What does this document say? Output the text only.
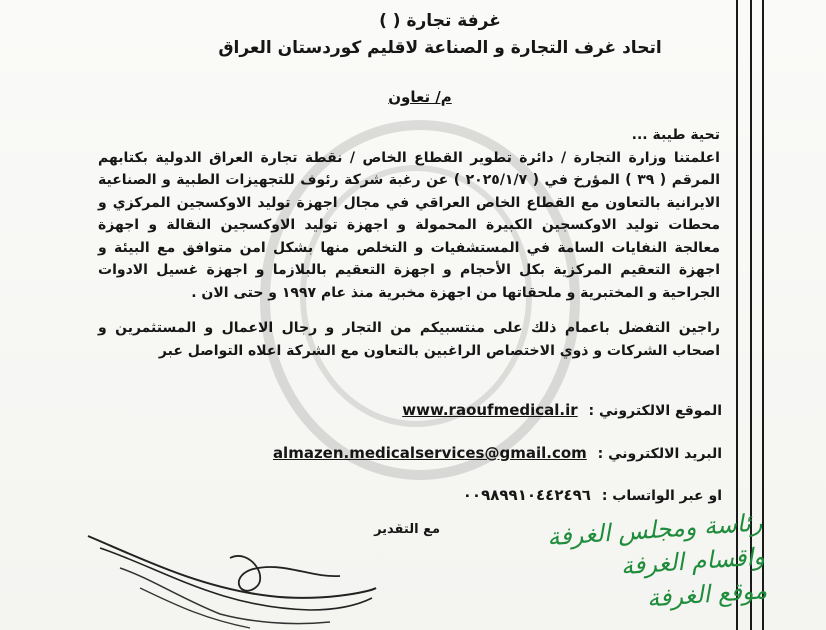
غرفة تجارة ( )
اتحاد غرف التجارة و الصناعة لاقليم كوردستان العراق
م/ تعاون

تحية طيبة ...

اعلمتنا وزارة التجارة / دائرة تطوير القطاع الخاص / نقطة تجارة العراق الدولية بكتابهم المرقم ( ٣٩ ) المؤرخ في ( ٢٠٢٥/١/٧ ) عن رغبة شركة رئوف للتجهيزات الطبية و الصناعية الايرانية بالتعاون مع القطاع الخاص العراقي في مجال اجهزة توليد الاوكسجين المركزي و محطات توليد الاوكسجين الكبيرة المحمولة و اجهزة توليد الاوكسجين النقالة و اجهزة معالجة النفايات السامة في المستشفيات و التخلص منها بشكل امن متوافق مع البيئة و اجهزة التعقيم المركزية بكل الأحجام و اجهزة التعقيم بالبلازما و اجهزة غسيل الادوات الجراحية و المختبرية و ملحقاتها من اجهزة مخبرية منذ عام ١٩٩٧ و حتى الان .

راجين التفضل باعمام ذلك على منتسبيكم من التجار و رجال الاعمال و المستثمرين و اصحاب الشركات و ذوي الاختصاص الراغبين بالتعاون مع الشركة اعلاه التواصل عبر

الموقع الالكتروني : www.raoufmedical.ir
البريد الالكتروني : almazen.medicalservices@gmail.com
او عبر الواتساب : ٠٠٩٨٩٩١٠٤٤٢٤٩٦
مع التقدير	رئاسة ومجلس الغرفة
واقسام الغرفة
موقع الغرفة
